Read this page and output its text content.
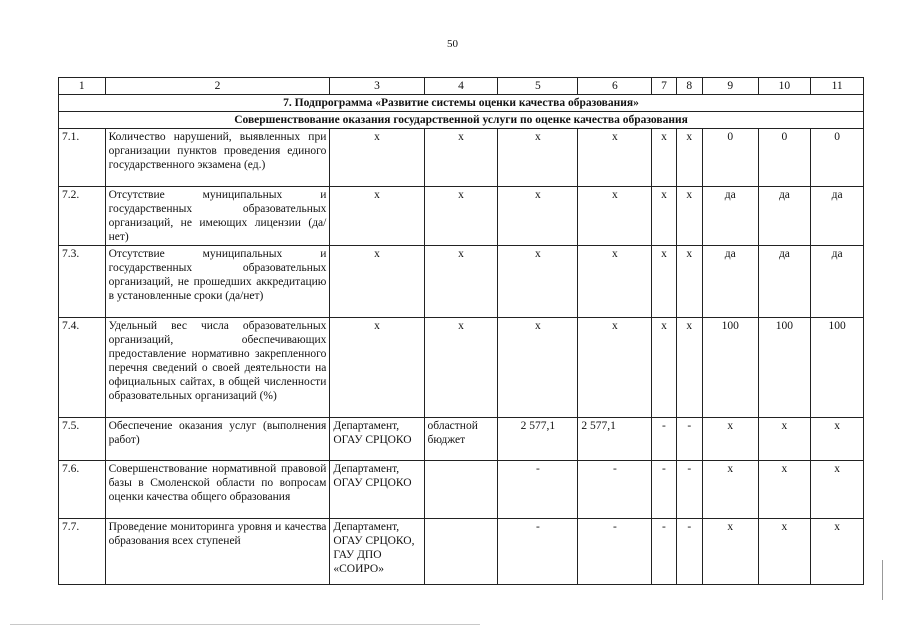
50
1	2	3	4	5	6	7	8	9	10	11
7. Подпрограмма «Развитие системы оценки качества образования»										
Совершенствование оказания государственной услуги по оценке качества образования										
7.1.	Количество нарушений, выявленных при организации пунктов проведения единого государственного экзамена (ед.)	х	х	х	х	х	х	0	0	0
7.2.	Отсутствие муниципальных и государственных образовательных организаций, не имеющих лицензии (да/нет)	х	х	х	х	х	х	да	да	да
7.3.	Отсутствие муниципальных и государственных образовательных организаций, не прошедших аккредитацию в установленные сроки (да/нет)	х	х	х	х	х	х	да	да	да
7.4.	Удельный вес числа образовательных организаций, обеспечивающих предоставление нормативно закрепленного перечня сведений о своей деятельности на официальных сайтах, в общей численности образовательных организаций (%)	х	х	х	х	х	х	100	100	100
7.5.	Обеспечение оказания услуг (выполнения работ)	Департамент, ОГАУ СРЦОКО	областной бюджет	2 577,1	2 577,1	-	-	х	х	х
7.6.	Совершенствование нормативной правовой базы в Смоленской области по вопросам оценки качества общего образования	Департамент, ОГАУ СРЦОКО		-	-	-	-	х	х	х
7.7.	Проведение мониторинга уровня и качества образования всех ступеней	Департамент, ОГАУ СРЦОКО, ГАУ ДПО «СОИРО»		-	-	-	-	х	х	х
